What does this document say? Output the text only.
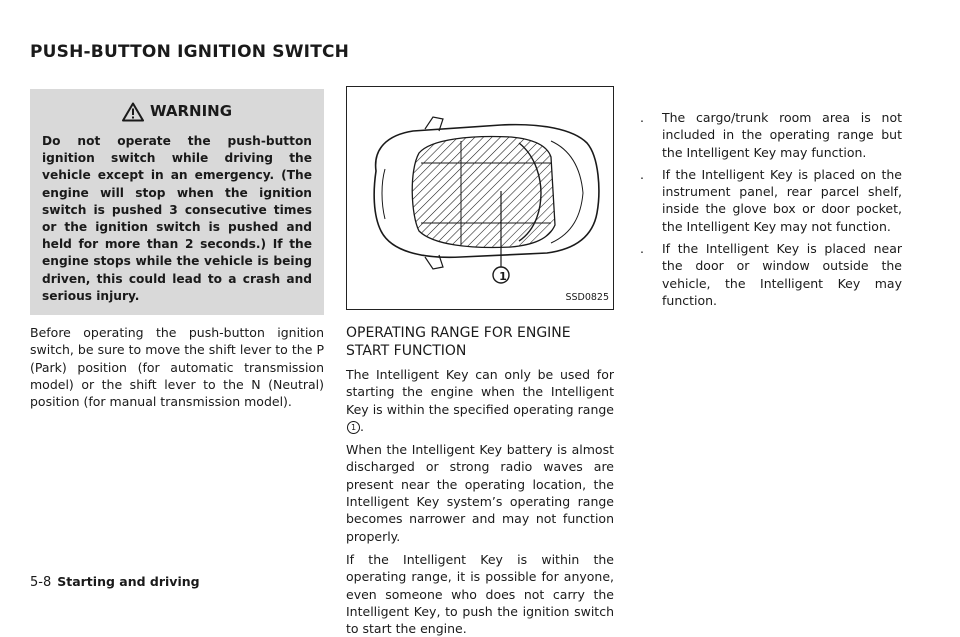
PUSH-BUTTON IGNITION SWITCH
WARNING
Do not operate the push-button ignition switch while driving the vehicle except in an emergency. (The engine will stop when the ignition switch is pushed 3 consecutive times or the ignition switch is pushed and held for more than 2 seconds.) If the engine stops while the vehicle is being driven, this could lead to a crash and serious injury.

Before operating the push-button ignition switch, be sure to move the shift lever to the P (Park) position (for automatic transmission model) or the shift lever to the N (Neutral) position (for manual transmission model).

1
SSD0825
OPERATING RANGE FOR ENGINE
START FUNCTION

The Intelligent Key can only be used for starting the engine when the Intelligent Key is within the specified operating range1 .

When the Intelligent Key battery is almost discharged or strong radio waves are present near the operating location, the Intelligent Key system’s operating range becomes narrower and may not function properly.

If the Intelligent Key is within the operating range, it is possible for anyone, even someone who does not carry the Intelligent Key, to push the ignition switch to start the engine.

. The cargo/trunk room area is not included in the operating range but the Intelligent Key may function.
. If the Intelligent Key is placed on the instrument panel, rear parcel shelf, inside the glove box or door pocket, the Intelligent Key may not function.
. If the Intelligent Key is placed near the door or window outside the vehicle, the Intelligent Key may function.
5-8 Starting and driving
